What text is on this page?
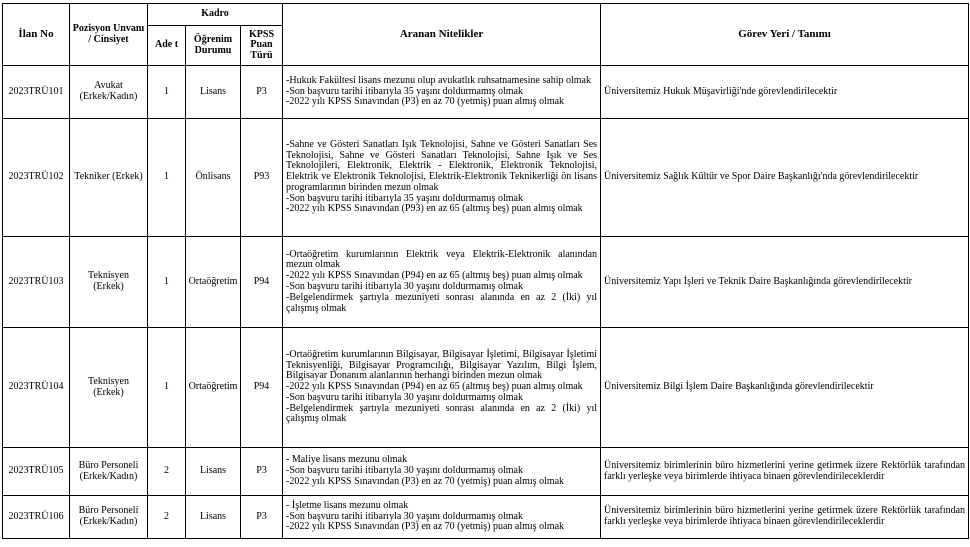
İlan No	Pozisyon Unvanı / Cinsiyet	Kadro			Aranan Nitelikler	Görev Yeri / Tanımı
		Ade t	Öğrenim Durumu	KPSS Puan Türü		
2023TRÜ101	Avukat (Erkek/Kadın)	1	Lisans	P3	-Hukuk Fakültesi lisans mezunu olup avukatlık ruhsatnamesine sahip olmak
-Son başvuru tarihi itibarıyla 35 yaşını doldurmamış olmak
-2022 yılı KPSS Sınavından (P3) en az 70 (yetmiş) puan almış olmak	Üniversitemiz Hukuk Müşavirliği'nde görevlendirilecektir
2023TRÜ102	Tekniker (Erkek)	1	Önlisans	P93	-Sahne ve Gösteri Sanatları Işık Teknolojisi, Sahne ve Gösteri Sanatları Ses Teknolojisi, Sahne ve Gösteri Sanatları Teknolojisi, Sahne Işık ve Ses Teknolojileri, Elektronik, Elektrik - Elektronik, Elektronik Teknolojisi, Elektrik ve Elektronik Teknolojisi, Elektrik-Elektronik Teknikerliği ön lisans programlarının birinden mezun olmak
-Son başvuru tarihi itibarıyla 35 yaşını doldurmamış olmak
-2022 yılı KPSS Sınavından (P93) en az 65 (altmış beş) puan almış olmak	Üniversitemiz Sağlık Kültür ve Spor Daire Başkanlığı'nda görevlendirilecektir
2023TRÜ103	Teknisyen (Erkek)	1	Ortaöğretim	P94	-Ortaöğretim kurumlarının Elektrik veya Elektrik-Elektronik alanından mezun olmak
-2022 yılı KPSS Sınavından (P94) en az 65 (altmış beş) puan almış olmak
-Son başvuru tarihi itibarıyla 30 yaşını doldurmamış olmak
-Belgelendirmek şartıyla mezuniyeti sonrası alanında en az 2 (İki) yıl çalışmış olmak	Üniversitemiz Yapı İşleri ve Teknik Daire Başkanlığında görevlendirilecektir
2023TRÜ104	Teknisyen (Erkek)	1	Ortaöğretim	P94	-Ortaöğretim kurumlarının Bilgisayar, Bilgisayar İşletimi, Bilgisayar İşletimi Teknisyenliği, Bilgisayar Programcılığı, Bilgisayar Yazılım, Bilgi İşlem, Bilgisayar Donanım alanlarının herhangi birinden mezun olmak
-2022 yılı KPSS Sınavından (P94) en az 65 (altmış beş) puan almış olmak
-Son başvuru tarihi itibarıyla 30 yaşını doldurmamış olmak
-Belgelendirmek şartıyla mezuniyeti sonrası alanında en az 2 (İki) yıl çalışmış olmak	Üniversitemiz Bilgi İşlem Daire Başkanlığında görevlendirilecektir
2023TRÜ105	Büro Personeli (Erkek/Kadın)	2	Lisans	P3	- Maliye lisans mezunu olmak
-Son başvuru tarihi itibarıyla 30 yaşını doldurmamış olmak
-2022 yılı KPSS Sınavından (P3) en az 70 (yetmiş) puan almış olmak	Üniversitemiz birimlerinin büro hizmetlerini yerine getirmek üzere Rektörlük tarafından farklı yerleşke veya birimlerde ihtiyaca binaen görevlendirileceklerdir
2023TRÜ106	Büro Personeli (Erkek/Kadın)	2	Lisans	P3	- İşletme lisans mezunu olmak
-Son başvuru tarihi itibarıyla 30 yaşını doldurmamış olmak
-2022 yılı KPSS Sınavından (P3) en az 70 (yetmiş) puan almış olmak	Üniversitemiz birimlerinin büro hizmetlerini yerine getirmek üzere Rektörlük tarafından farklı yerleşke veya birimlerde ihtiyaca binaen görevlendirileceklerdir
